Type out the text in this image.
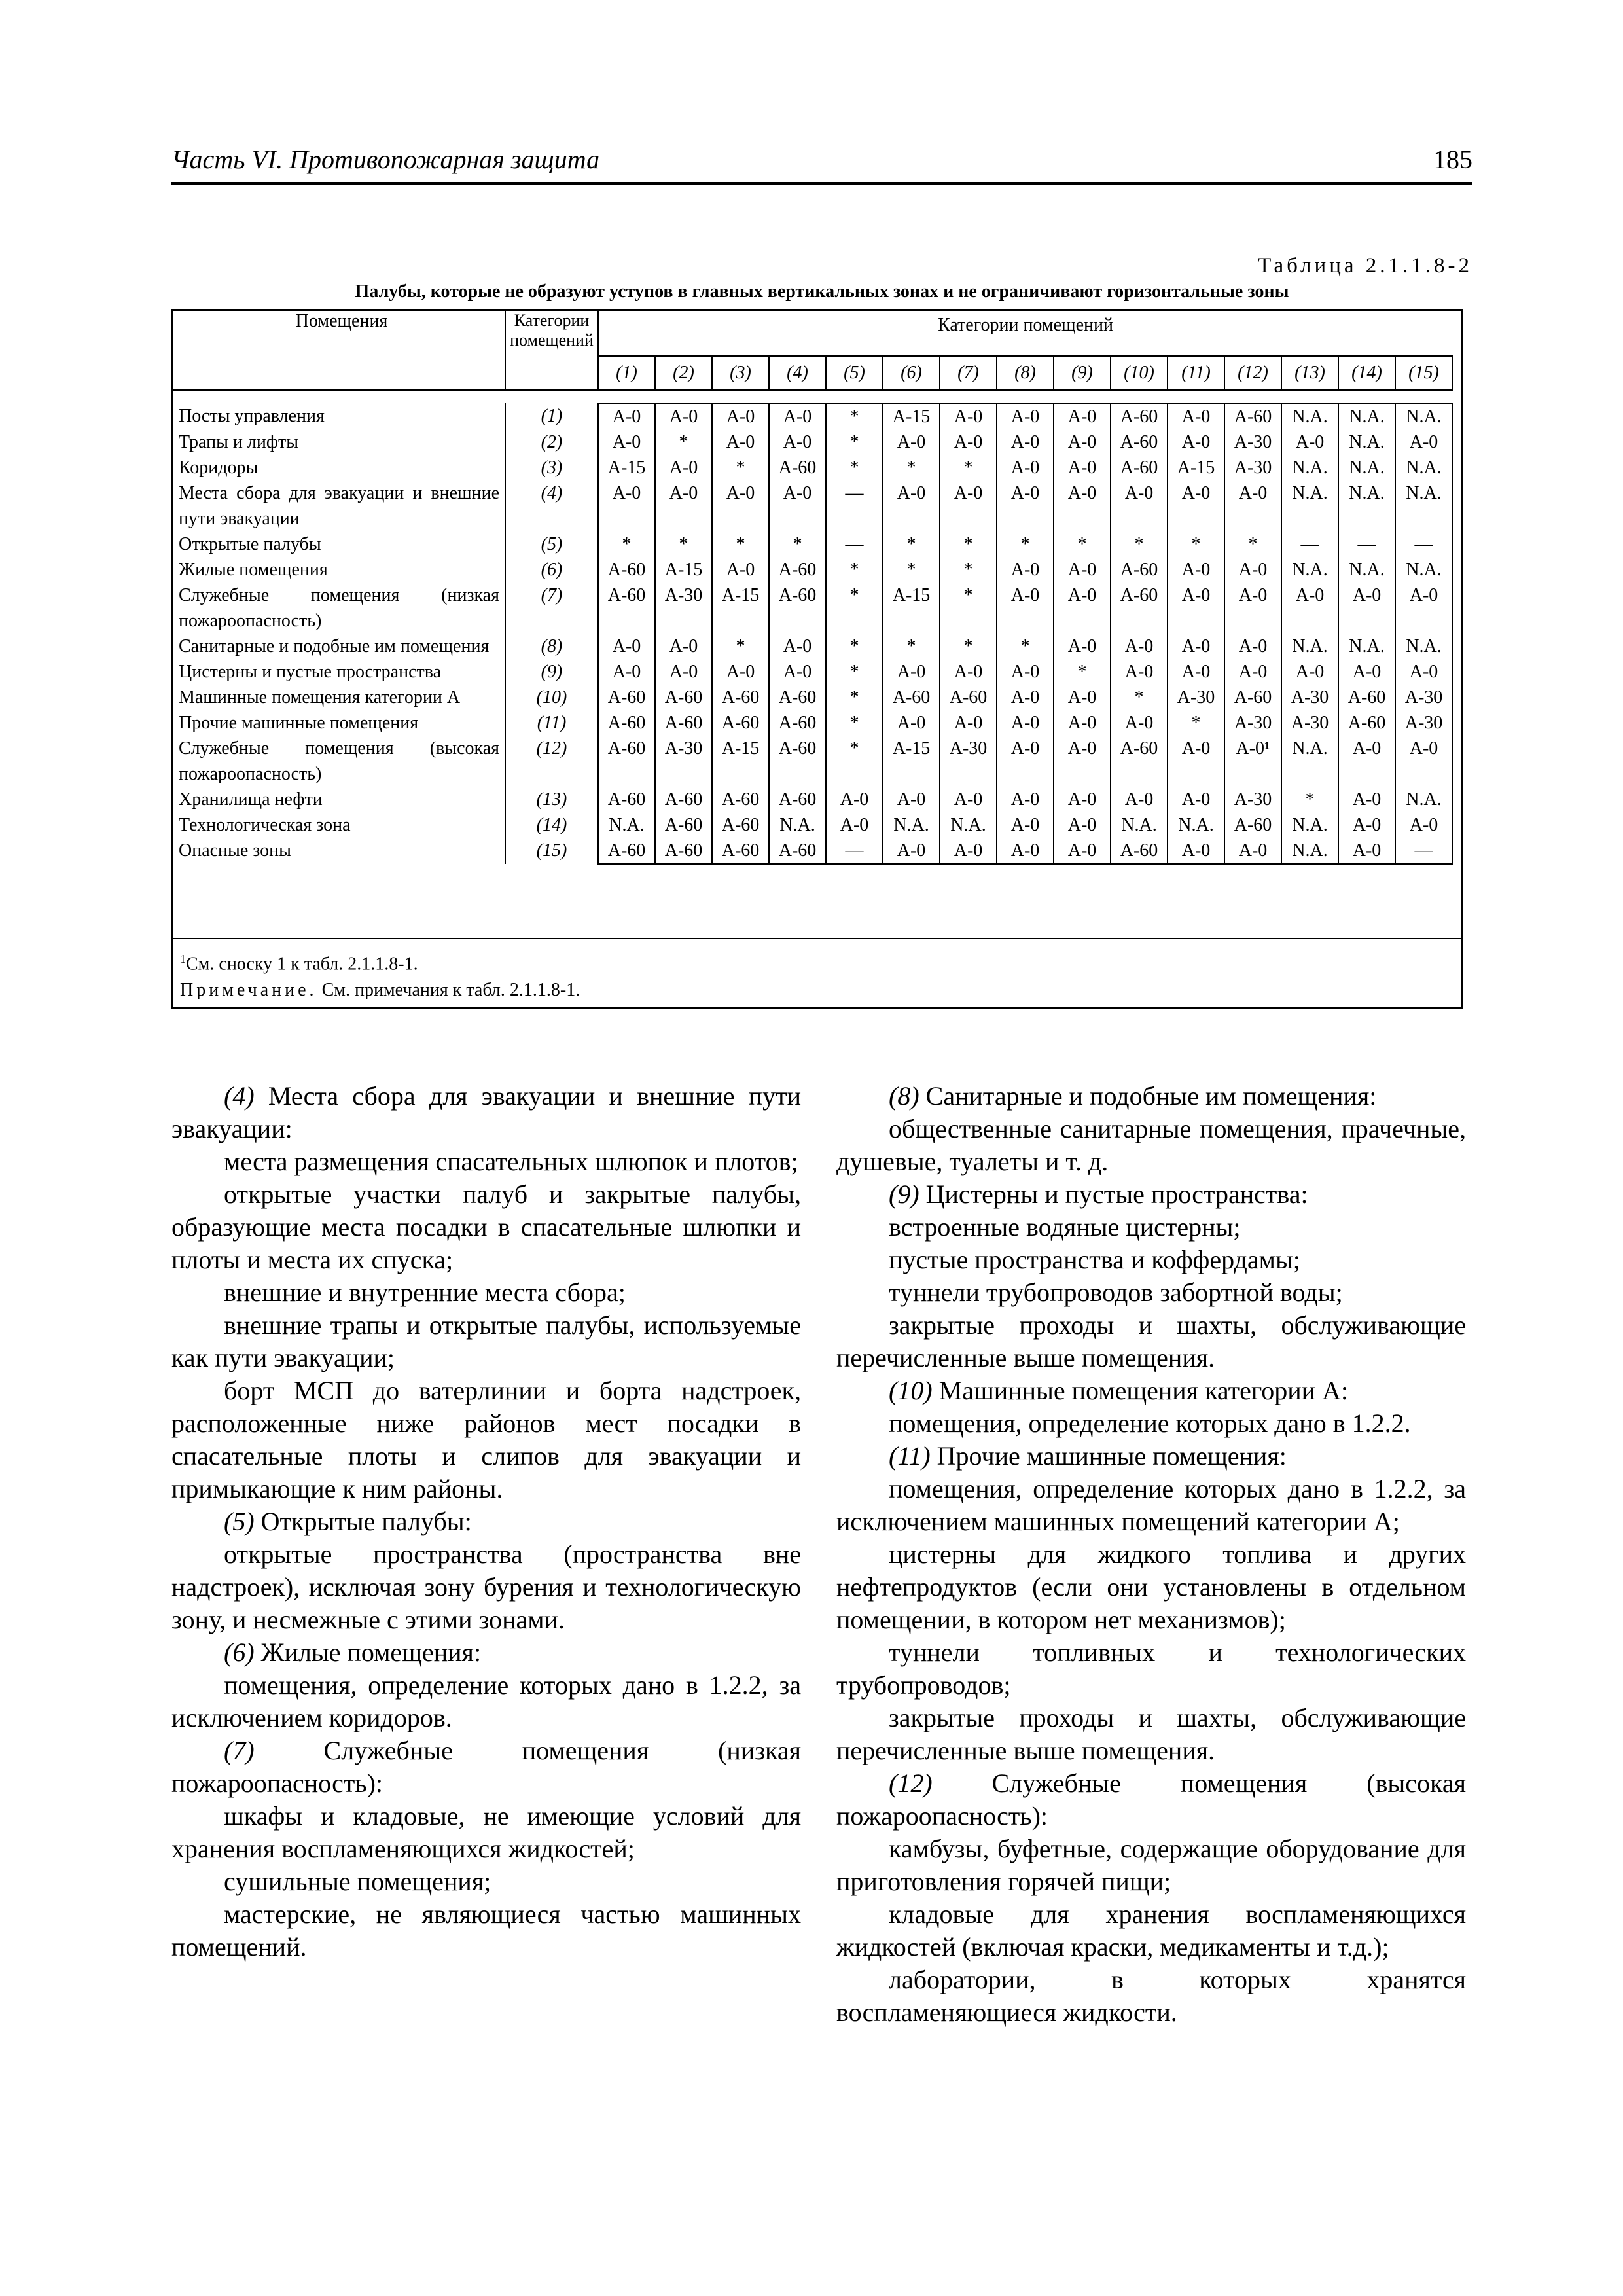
Часть VI. Противопожарная защита	185
Таблица 2.1.1.8-2
Палубы, которые не образуют уступов в главных вертикальных зонах и не ограничивают горизонтальные зоны
Помещения	Категории помещений	Категории помещений														
		(1)	(2)	(3)	(4)	(5)	(6)	(7)	(8)	(9)	(10)	(11)	(12)	(13)	(14)	(15)

Посты управления	(1)	A-0	A-0	A-0	A-0	*	A-15	A-0	A-0	A-0	A-60	A-0	A-60	N.A.	N.A.	N.A.
Трапы и лифты	(2)	A-0	*	A-0	A-0	*	A-0	A-0	A-0	A-0	A-60	A-0	A-30	A-0	N.A.	A-0
Коридоры	(3)	A-15	A-0	*	A-60	*	*	*	A-0	A-0	A-60	A-15	A-30	N.A.	N.A.	N.A.
Места сбора для эвакуации и внешние пути эвакуации	(4)	A-0	A-0	A-0	A-0	—	A-0	A-0	A-0	A-0	A-0	A-0	A-0	N.A.	N.A.	N.A.
Открытые палубы	(5)	*	*	*	*	—	*	*	*	*	*	*	*	—	—	—
Жилые помещения	(6)	A-60	A-15	A-0	A-60	*	*	*	A-0	A-0	A-60	A-0	A-0	N.A.	N.A.	N.A.
Служебные помещения (низкая пожароопасность)	(7)	A-60	A-30	A-15	A-60	*	A-15	*	A-0	A-0	A-60	A-0	A-0	A-0	A-0	A-0
Санитарные и подобные им помещения	(8)	A-0	A-0	*	A-0	*	*	*	*	A-0	A-0	A-0	A-0	N.A.	N.A.	N.A.
Цистерны и пустые пространства	(9)	A-0	A-0	A-0	A-0	*	A-0	A-0	A-0	*	A-0	A-0	A-0	A-0	A-0	A-0
Машинные помещения категории А	(10)	A-60	A-60	A-60	A-60	*	A-60	A-60	A-0	A-0	*	A-30	A-60	A-30	A-60	A-30
Прочие машинные помещения	(11)	A-60	A-60	A-60	A-60	*	A-0	A-0	A-0	A-0	A-0	*	A-30	A-30	A-60	A-30
Служебные помещения (высокая пожароопасность)	(12)	A-60	A-30	A-15	A-60	*	A-15	A-30	A-0	A-0	A-60	A-0	A-0¹	N.A.	A-0	A-0
Хранилища нефти	(13)	A-60	A-60	A-60	A-60	A-0	A-0	A-0	A-0	A-0	A-0	A-0	A-30	*	A-0	N.A.
Технологическая зона	(14)	N.A.	A-60	A-60	N.A.	A-0	N.A.	N.A.	A-0	A-0	N.A.	N.A.	A-60	N.A.	A-0	A-0
Опасные зоны	(15)	A-60	A-60	A-60	A-60	—	A-0	A-0	A-0	A-0	A-60	A-0	A-0	N.A.	A-0	—
$^1$См. сноску 1 к табл. 2.1.1.8-1.
Примечание. См. примечания к табл. 2.1.1.8-1.

(4) Места сбора для эвакуации и внешние пути эвакуации:

места размещения спасательных шлюпок и плотов;

открытые участки палуб и закрытые палубы, образующие места посадки в спасательные шлюпки и плоты и места их спуска;

внешние и внутренние места сбора;

внешние трапы и открытые палубы, используемые как пути эвакуации;

борт МСП до ватерлинии и борта надстроек, расположенные ниже районов мест посадки в спасательные плоты и слипов для эвакуации и примыкающие к ним районы.

(5) Открытые палубы:

открытые пространства (пространства вне надстроек), исключая зону бурения и технологическую зону, и несмежные с этими зонами.

(6) Жилые помещения:

помещения, определение которых дано в 1.2.2, за исключением коридоров.

(7) Служебные помещения (низкая пожароопасность):

шкафы и кладовые, не имеющие условий для хранения воспламеняющихся жидкостей;

сушильные помещения;

мастерские, не являющиеся частью машинных помещений.

(8) Санитарные и подобные им помещения:

общественные санитарные помещения, прачечные, душевые, туалеты и т. д.

(9) Цистерны и пустые пространства:

встроенные водяные цистерны;

пустые пространства и коффердамы;

туннели трубопроводов забортной воды;

закрытые проходы и шахты, обслуживающие перечисленные выше помещения.

(10) Машинные помещения категории А:

помещения, определение которых дано в 1.2.2.

(11) Прочие машинные помещения:

помещения, определение которых дано в 1.2.2, за исключением машинных помещений категории А;

цистерны для жидкого топлива и других нефтепродуктов (если они установлены в отдельном помещении, в котором нет механизмов);

туннели топливных и технологических трубопроводов;

закрытые проходы и шахты, обслуживающие перечисленные выше помещения.

(12) Служебные помещения (высокая пожароопасность):

камбузы, буфетные, содержащие оборудование для приготовления горячей пищи;

кладовые для хранения воспламеняющихся жидкостей (включая краски, медикаменты и т.д.);

лаборатории, в которых хранятся воспламеняющиеся жидкости.
